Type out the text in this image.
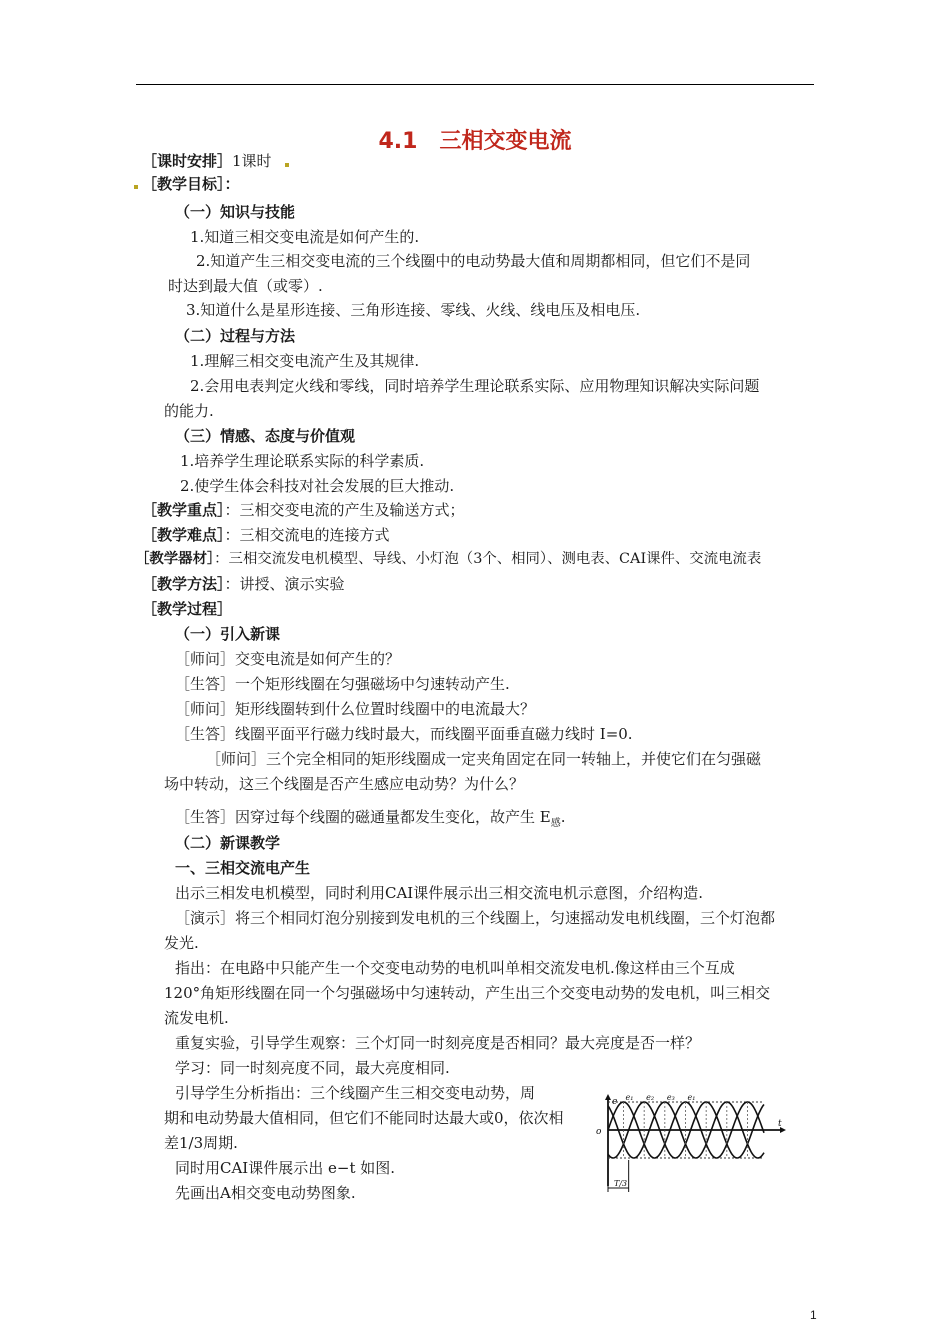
4.1　三相交变电流
［课时安排］1课时
［教学目标］：
（一）知识与技能
1.知道三相交变电流是如何产生的.
2.知道产生三相交变电流的三个线圈中的电动势最大值和周期都相同，但它们不是同
时达到最大值（或零）.
3.知道什么是星形连接、三角形连接、零线、火线、线电压及相电压.
（二）过程与方法
1.理解三相交变电流产生及其规律.
2.会用电表判定火线和零线，同时培养学生理论联系实际、应用物理知识解决实际问题
的能力.
（三）情感、态度与价值观
1.培养学生理论联系实际的科学素质.
2.使学生体会科技对社会发展的巨大推动.
［教学重点］：三相交变电流的产生及输送方式；
［教学难点］：三相交流电的连接方式
［教学器材］：三相交流发电机模型、导线、小灯泡（3个、相同）、测电表、CAI课件、交流电流表
［教学方法］：讲授、演示实验
［教学过程］
（一）引入新课
［师问］交变电流是如何产生的？
［生答］一个矩形线圈在匀强磁场中匀速转动产生.
［师问］矩形线圈转到什么位置时线圈中的电流最大？
［生答］线圈平面平行磁力线时最大，而线圈平面垂直磁力线时 I=0.
［师问］三个完全相同的矩形线圈成一定夹角固定在同一转轴上，并使它们在匀强磁
场中转动，这三个线圈是否产生感应电动势？为什么？
［生答］因穿过每个线圈的磁通量都发生变化，故产生 $E_感$.
（二）新课教学
一、三相交流电产生
出示三相发电机模型，同时利用CAI课件展示出三相交流电机示意图，介绍构造.
［演示］将三个相同灯泡分别接到发电机的三个线圈上，匀速摇动发电机线圈，三个灯泡都
发光.
指出：在电路中只能产生一个交变电动势的电机叫单相交流发电机.像这样由三个互成
120°角矩形线圈在同一个匀强磁场中匀速转动，产生出三个交变电动势的发电机，叫三相交
流发电机.
重复实验，引导学生观察：三个灯同一时刻亮度是否相同？最大亮度是否一样？
学习：同一时刻亮度不同，最大亮度相同.
引导学生分析指出：三个线圈产生三相交变电动势，周
期和电动势最大值相同，但它们不能同时达最大或0，依次相
差1/3周期.
同时用CAI课件展示出 e−t 如图.
先画出A相交变电动势图象.
e
t
o
e₁ e₂ e₃ e₁
T/3
1
